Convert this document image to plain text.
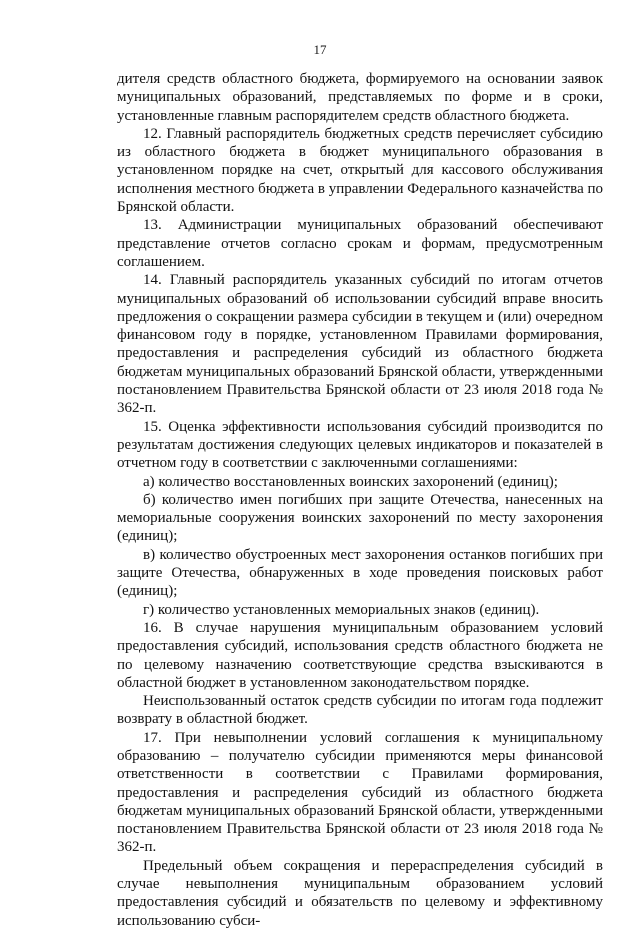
17

дителя средств областного бюджета, формируемого на основании заявок муниципальных образований, представляемых по форме и в сроки, установленные главным распорядителем средств областного бюджета.

12. Главный распорядитель бюджетных средств перечисляет субсидию из областного бюджета в бюджет муниципального образования в установленном порядке на счет, открытый для кассового обслуживания исполнения местного бюджета в управлении Федерального казначейства по Брянской области.

13. Администрации муниципальных образований обеспечивают представление отчетов согласно срокам и формам, предусмотренным соглашением.

14. Главный распорядитель указанных субсидий по итогам отчетов муниципальных образований об использовании субсидий вправе вносить предложения о сокращении размера субсидии в текущем и (или) очередном финансовом году в порядке, установленном Правилами формирования, предоставления и распределения субсидий из областного бюджета бюджетам муниципальных образований Брянской области, утвержденными постановлением Правительства Брянской области от 23 июля 2018 года № 362-п.

15. Оценка эффективности использования субсидий производится по результатам достижения следующих целевых индикаторов и показателей в отчетном году в соответствии с заключенными соглашениями:

а) количество восстановленных воинских захоронений (единиц);

б) количество имен погибших при защите Отечества, нанесенных на мемориальные сооружения воинских захоронений по месту захоронения (единиц);

в) количество обустроенных мест захоронения останков погибших при защите Отечества, обнаруженных в ходе проведения поисковых работ (единиц);

г) количество установленных мемориальных знаков (единиц).

16. В случае нарушения муниципальным образованием условий предоставления субсидий, использования средств областного бюджета не по целевому назначению соответствующие средства взыскиваются в областной бюджет в установленном законодательством порядке.

Неиспользованный остаток средств субсидии по итогам года подлежит возврату в областной бюджет.

17. При невыполнении условий соглашения к муниципальному образованию – получателю субсидии применяются меры финансовой ответственности в соответствии с Правилами формирования, предоставления и распределения субсидий из областного бюджета бюджетам муниципальных образований Брянской области, утвержденными постановлением Правительства Брянской области от 23 июля 2018 года № 362-п.

Предельный объем сокращения и перераспределения субсидий в случае невыполнения муниципальным образованием условий предоставления субсидий и обязательств по целевому и эффективному использованию субси-
